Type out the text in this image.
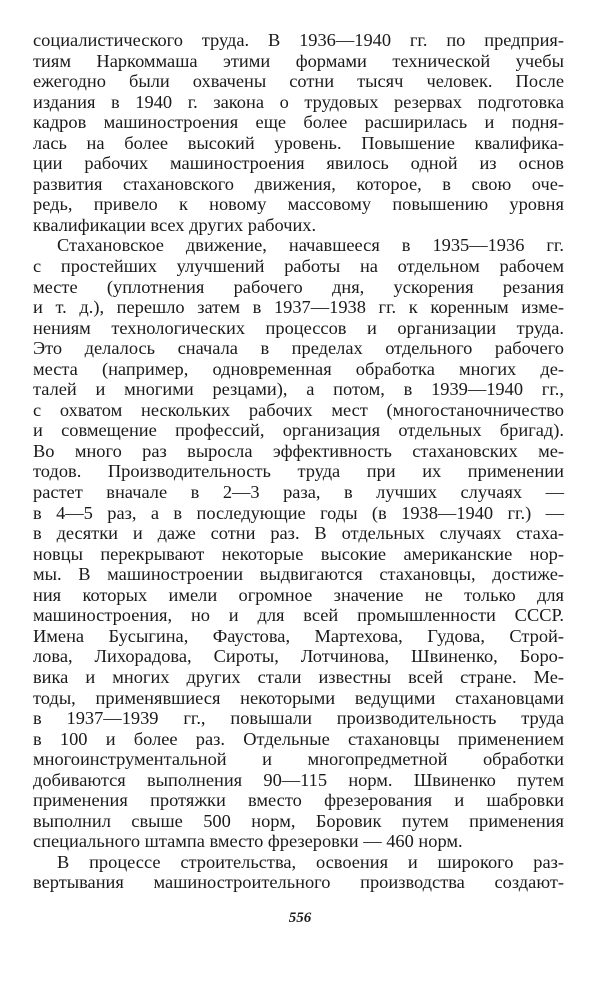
социалистического труда. В 1936—1940 гг. по предприя-
тиям Наркоммаша этими формами технической учебы
ежегодно были охвачены сотни тысяч человек. После
издания в 1940 г. закона о трудовых резервах подготовка
кадров машиностроения еще более расширилась и подня-
лась на более высокий уровень. Повышение квалифика-
ции рабочих машиностроения явилось одной из основ
развития стахановского движения, которое, в свою оче-
редь, привело к новому массовому повышению уровня
квалификации всех других рабочих.
Стахановское движение, начавшееся в 1935—1936 гг.
с простейших улучшений работы на отдельном рабочем
месте (уплотнения рабочего дня, ускорения резания
и т. д.), перешло затем в 1937—1938 гг. к коренным изме-
нениям технологических процессов и организации труда.
Это делалось сначала в пределах отдельного рабочего
места (например, одновременная обработка многих де-
талей и многими резцами), а потом, в 1939—1940 гг.,
с охватом нескольких рабочих мест (многостаночничество
и совмещение профессий, организация отдельных бригад).
Во много раз выросла эффективность стахановских ме-
тодов. Производительность труда при их применении
растет вначале в 2—3 раза, в лучших случаях —
в 4—5 раз, а в последующие годы (в 1938—1940 гг.) —
в десятки и даже сотни раз. В отдельных случаях стаха-
новцы перекрывают некоторые высокие американские нор-
мы. В машиностроении выдвигаются стахановцы, достиже-
ния которых имели огромное значение не только для
машиностроения, но и для всей промышленности СССР.
Имена Бусыгина, Фаустова, Мартехова, Гудова, Строй-
лова, Лихорадова, Сироты, Лотчинова, Швиненко, Боро-
вика и многих других стали известны всей стране. Ме-
тоды, применявшиеся некоторыми ведущими стахановцами
в 1937—1939 гг., повышали производительность труда
в 100 и более раз. Отдельные стахановцы применением
многоинструментальной и многопредметной обработки
добиваются выполнения 90—115 норм. Швиненко путем
применения протяжки вместо фрезерования и шабровки
выполнил свыше 500 норм, Боровик путем применения
специального штампа вместо фрезеровки — 460 норм.
В процессе строительства, освоения и широкого раз-
вертывания машиностроительного производства создают-
556
